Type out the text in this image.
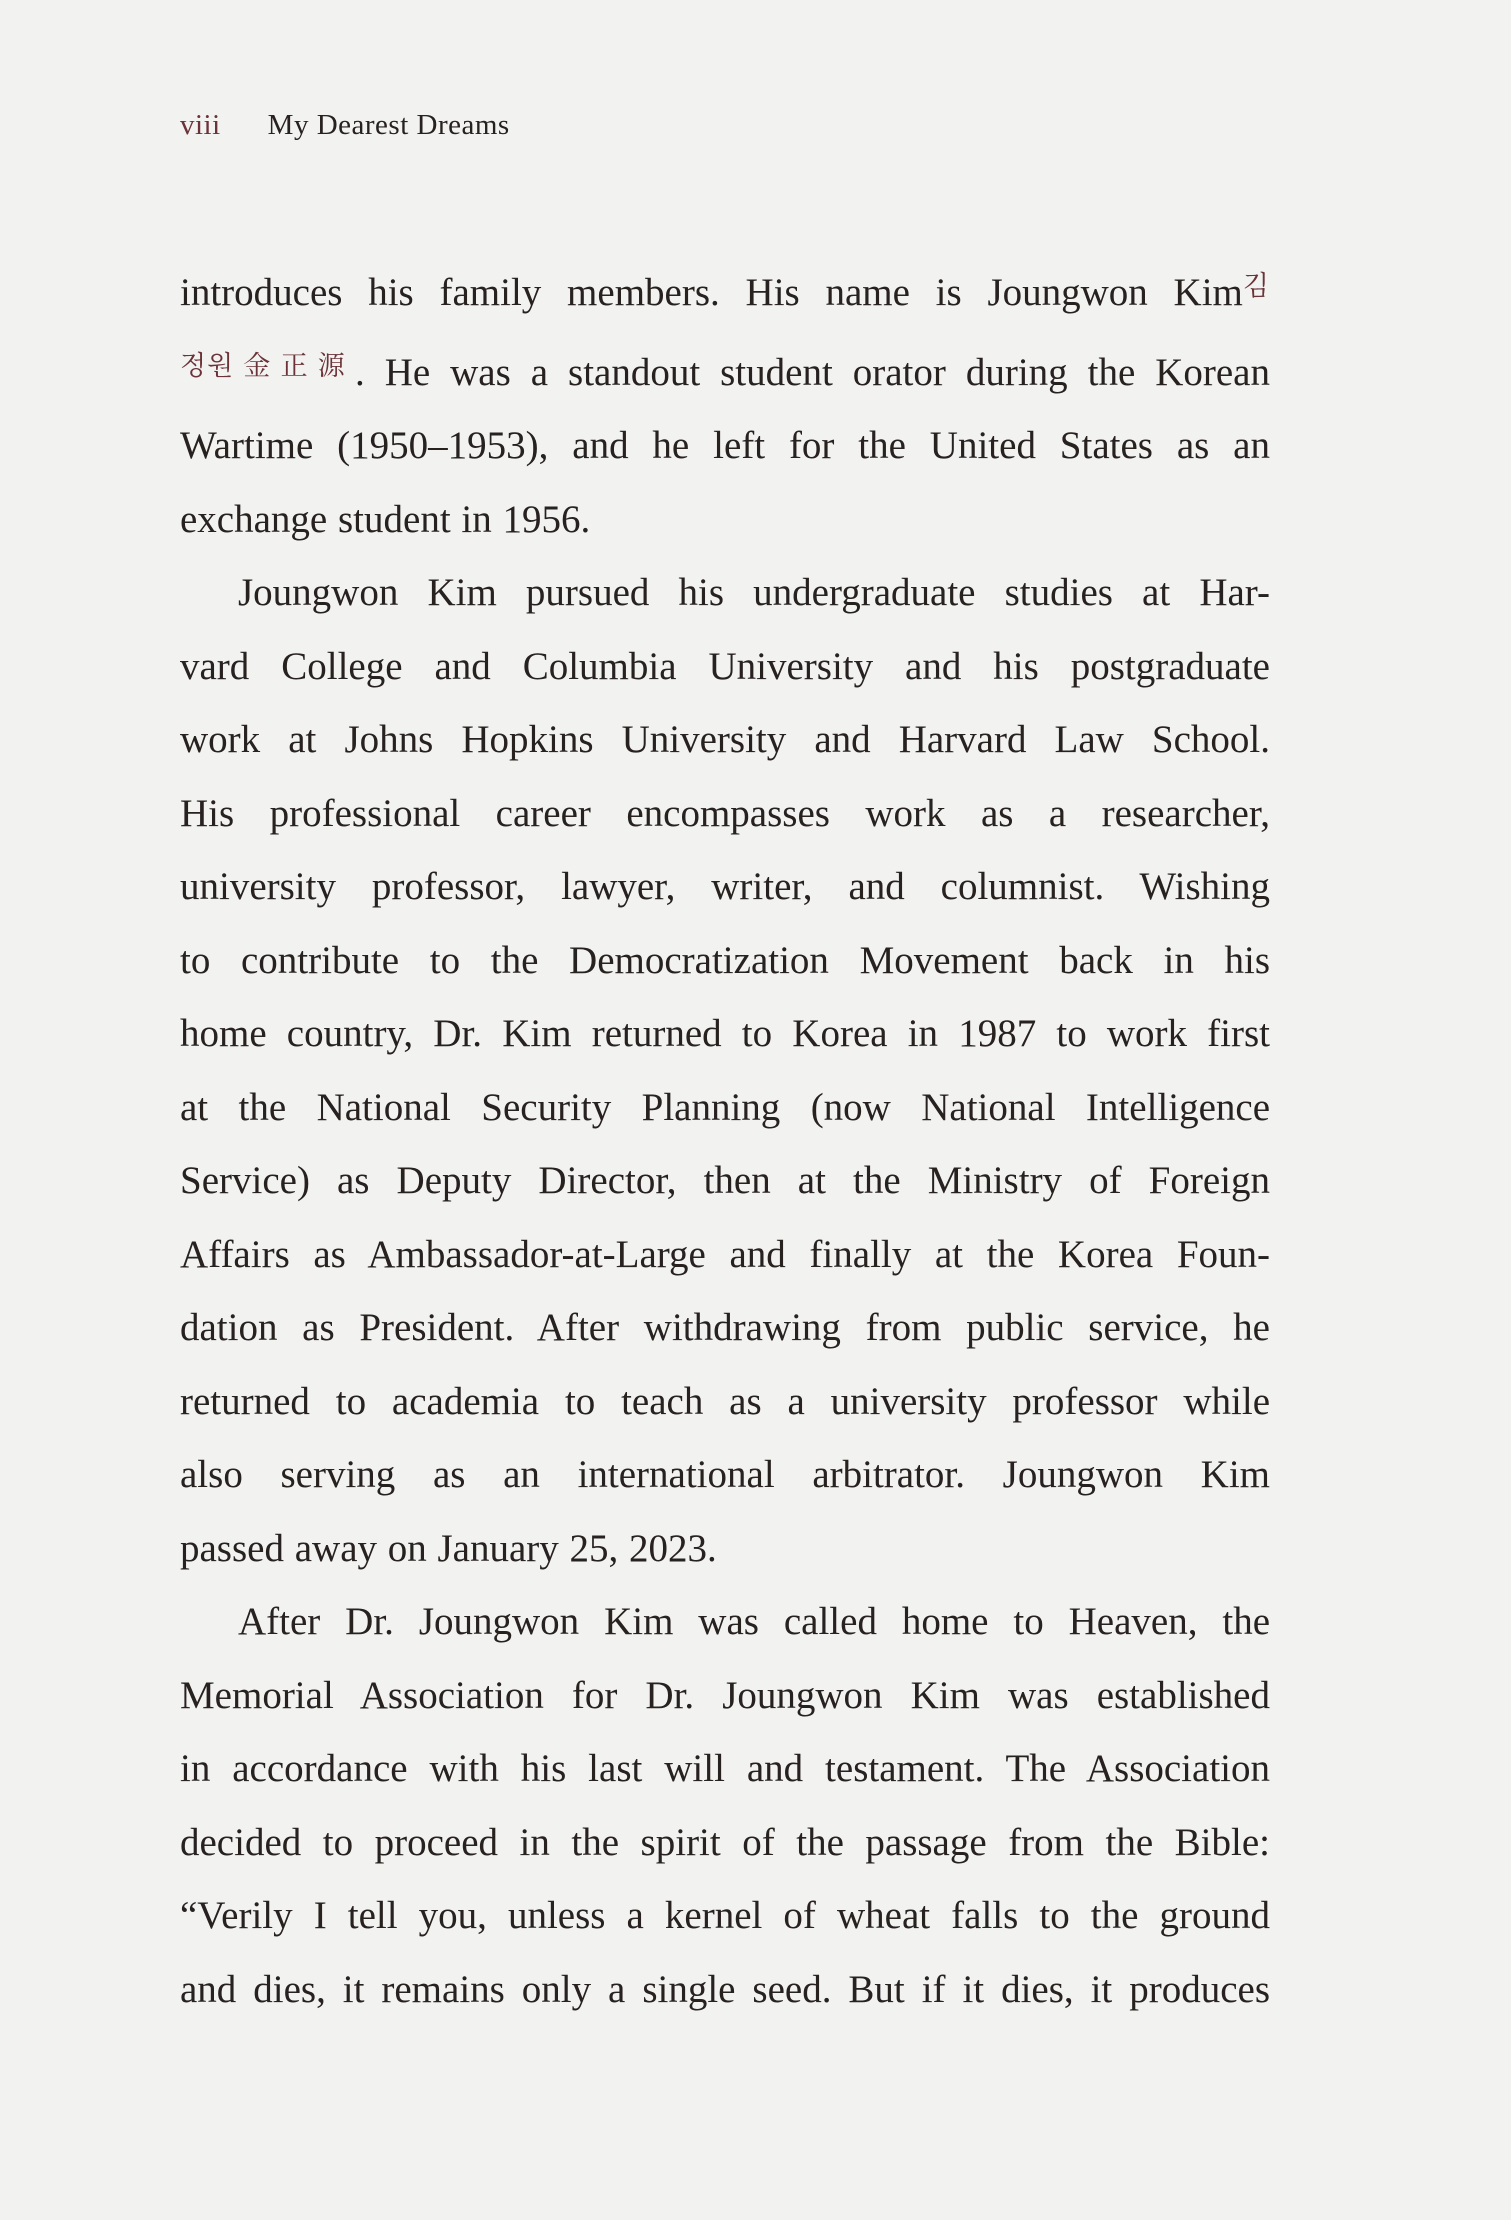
viii My Dearest Dreams
introduces his family members. His name is Joungwon Kim$^김$
$^{정원金正源}$. He was a standout student orator during the Korean
Wartime (1950–1953), and he left for the United States as an
exchange student in 1956.
Joungwon Kim pursued his undergraduate studies at Har-
vard College and Columbia University and his postgraduate
work at Johns Hopkins University and Harvard Law School.
His professional career encompasses work as a researcher,
university professor, lawyer, writer, and columnist. Wishing
to contribute to the Democratization Movement back in his
home country, Dr. Kim returned to Korea in 1987 to work first
at the National Security Planning (now National Intelligence
Service) as Deputy Director, then at the Ministry of Foreign
Affairs as Ambassador-at-Large and finally at the Korea Foun-
dation as President. After withdrawing from public service, he
returned to academia to teach as a university professor while
also serving as an international arbitrator. Joungwon Kim
passed away on January 25, 2023.
After Dr. Joungwon Kim was called home to Heaven, the
Memorial Association for Dr. Joungwon Kim was established
in accordance with his last will and testament. The Association
decided to proceed in the spirit of the passage from the Bible:
“Verily I tell you, unless a kernel of wheat falls to the ground
and dies, it remains only a single seed. But if it dies, it produces
